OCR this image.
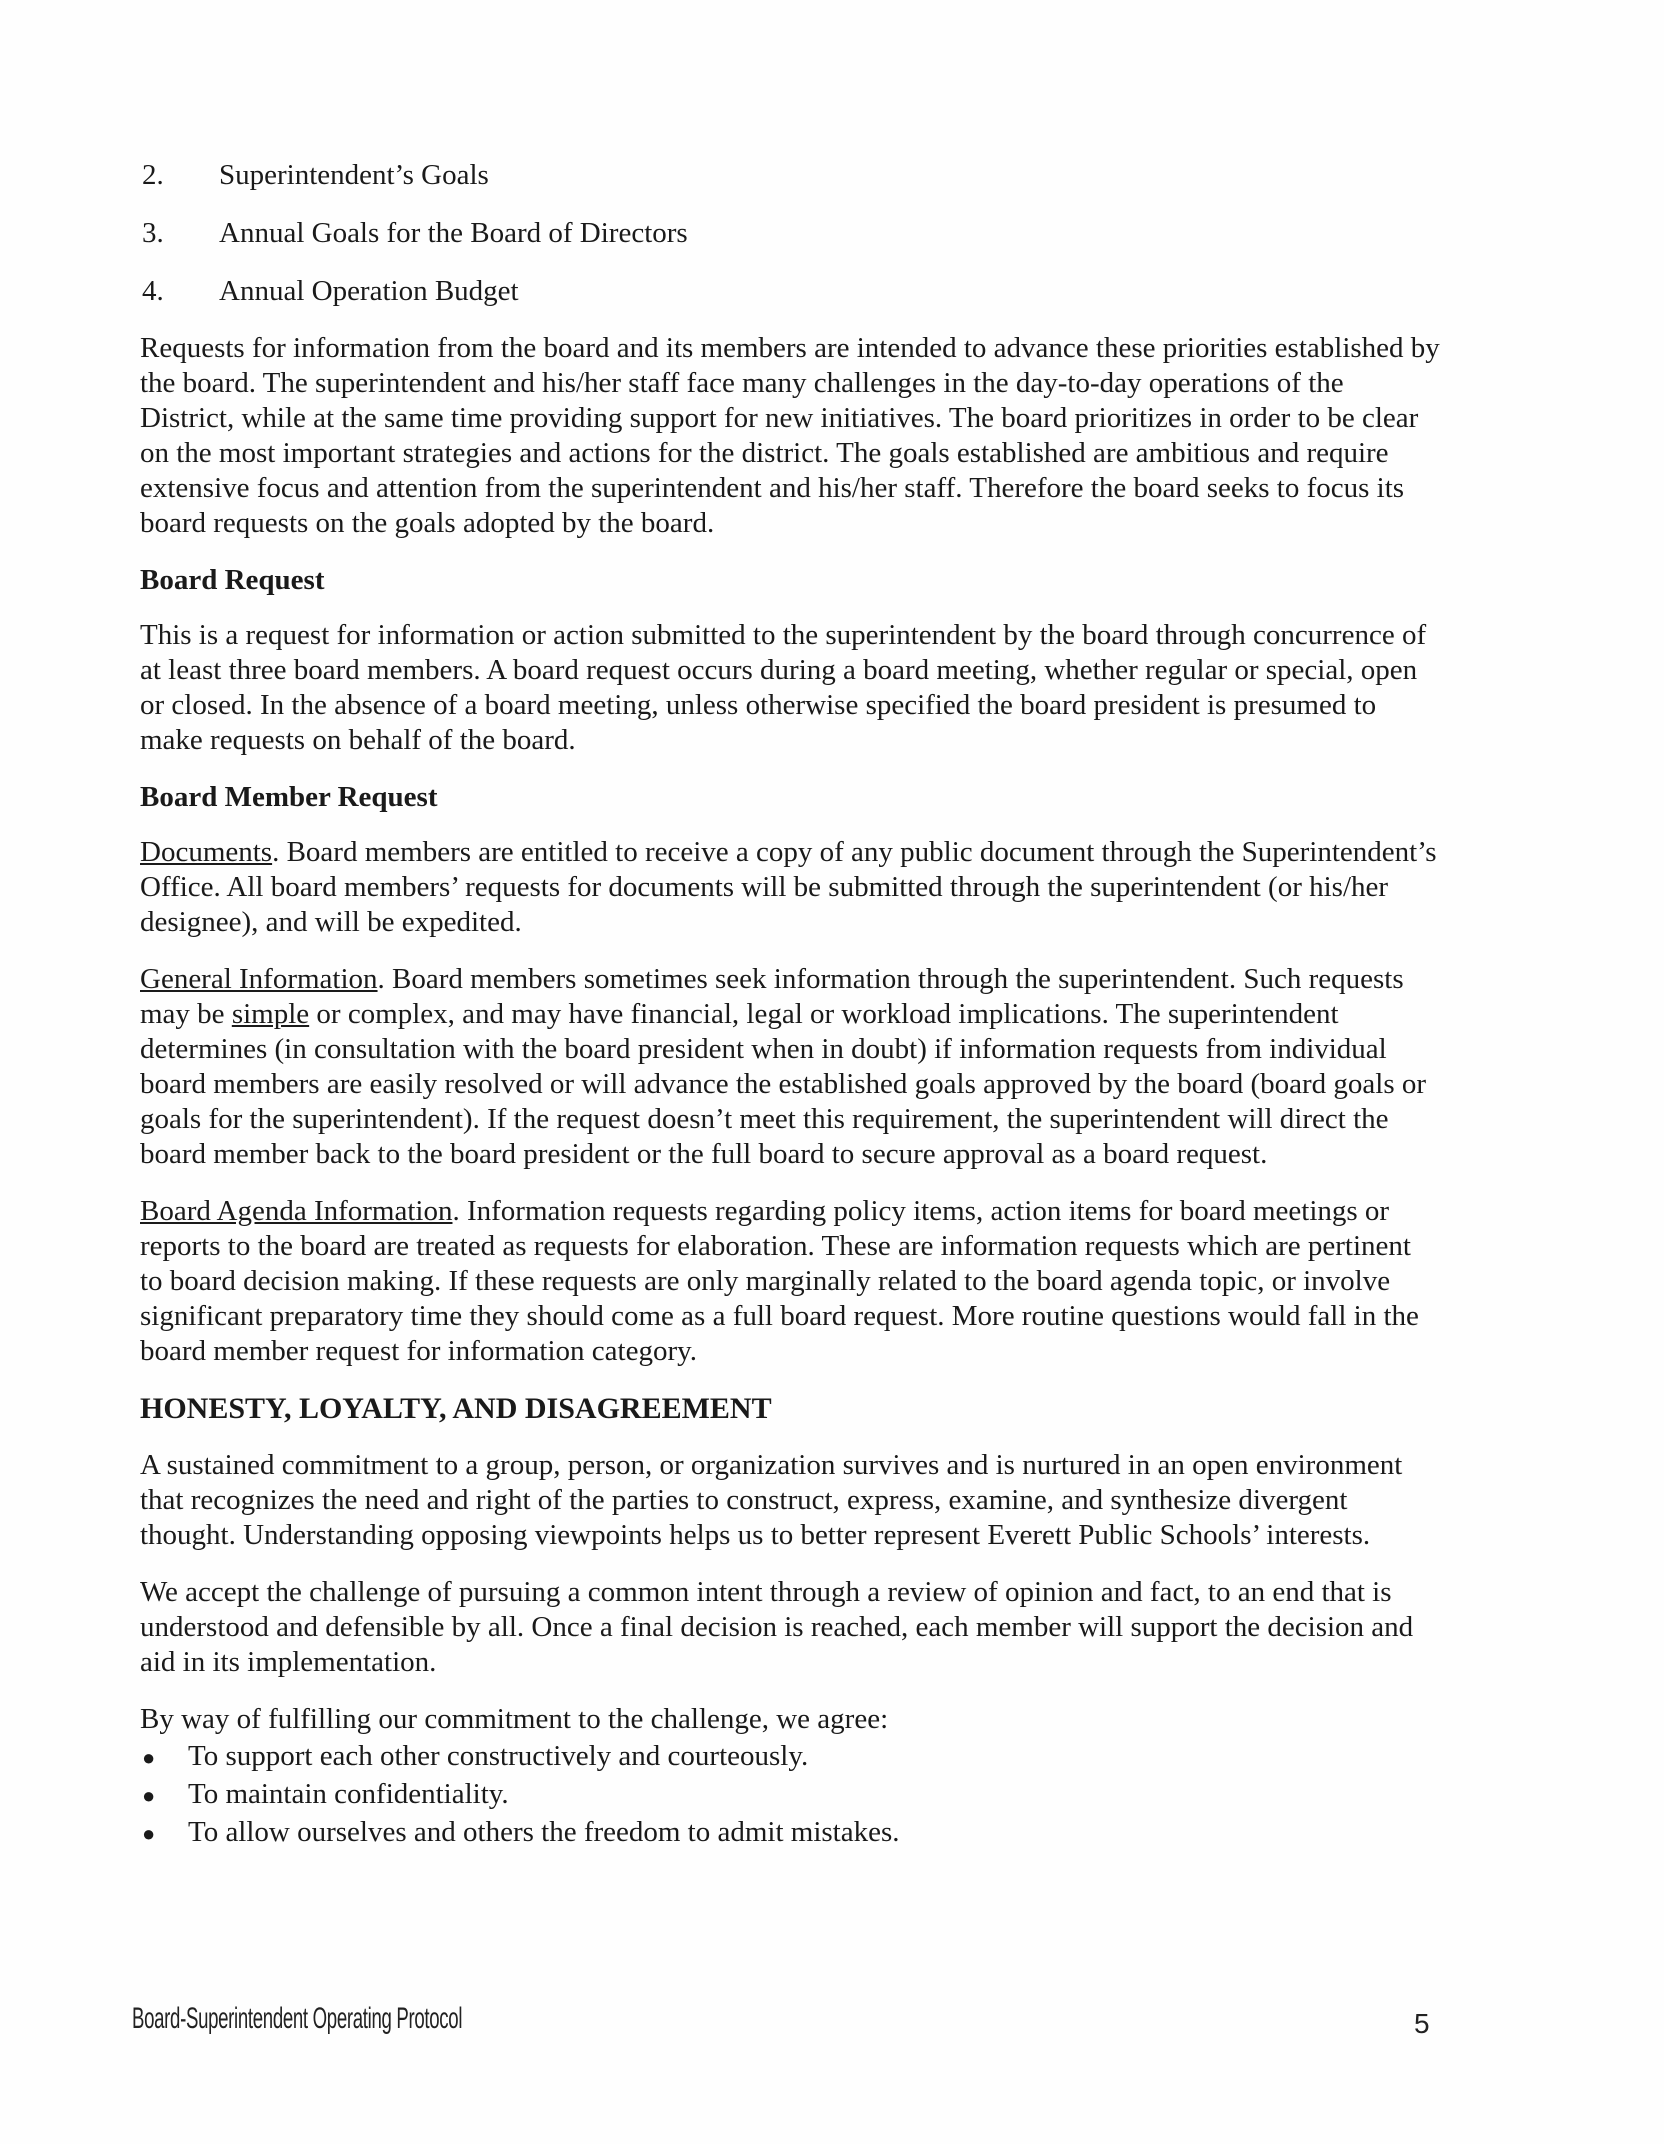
2.	Superintendent’s Goals
3.	Annual Goals for the Board of Directors
4.	Annual Operation Budget

Requests for information from the board and its members are intended to advance these priorities established by the board. The superintendent and his/her staff face many challenges in the day-to-day operations of the District, while at the same time providing support for new initiatives. The board prioritizes in order to be clear on the most important strategies and actions for the district. The goals established are ambitious and require extensive focus and attention from the superintendent and his/her staff. Therefore the board seeks to focus its board requests on the goals adopted by the board.

Board Request

This is a request for information or action submitted to the superintendent by the board through concurrence of at least three board members. A board request occurs during a board meeting, whether regular or special, open or closed. In the absence of a board meeting, unless otherwise specified the board president is presumed to make requests on behalf of the board.

Board Member Request

Documents. Board members are entitled to receive a copy of any public document through the Superintendent’s Office. All board members’ requests for documents will be submitted through the superintendent (or his/her designee), and will be expedited.

General Information. Board members sometimes seek information through the superintendent. Such requests may be simple or complex, and may have financial, legal or workload implications. The superintendent determines (in consultation with the board president when in doubt) if information requests from individual board members are easily resolved or will advance the established goals approved by the board (board goals or goals for the superintendent). If the request doesn’t meet this requirement, the superintendent will direct the board member back to the board president or the full board to secure approval as a board request.

Board Agenda Information. Information requests regarding policy items, action items for board meetings or reports to the board are treated as requests for elaboration. These are information requests which are pertinent to board decision making. If these requests are only marginally related to the board agenda topic, or involve significant preparatory time they should come as a full board request. More routine questions would fall in the board member request for information category.

HONESTY, LOYALTY, AND DISAGREEMENT

A sustained commitment to a group, person, or organization survives and is nurtured in an open environment that recognizes the need and right of the parties to construct, express, examine, and synthesize divergent thought. Understanding opposing viewpoints helps us to better represent Everett Public Schools’ interests.

We accept the challenge of pursuing a common intent through a review of opinion and fact, to an end that is understood and defensible by all. Once a final decision is reached, each member will support the decision and aid in its implementation.

By way of fulfilling our commitment to the challenge, we agree:

●	To support each other constructively and courteously.
●	To maintain confidentiality.
●	To allow ourselves and others the freedom to admit mistakes.
Board-Superintendent Operating Protocol	5
